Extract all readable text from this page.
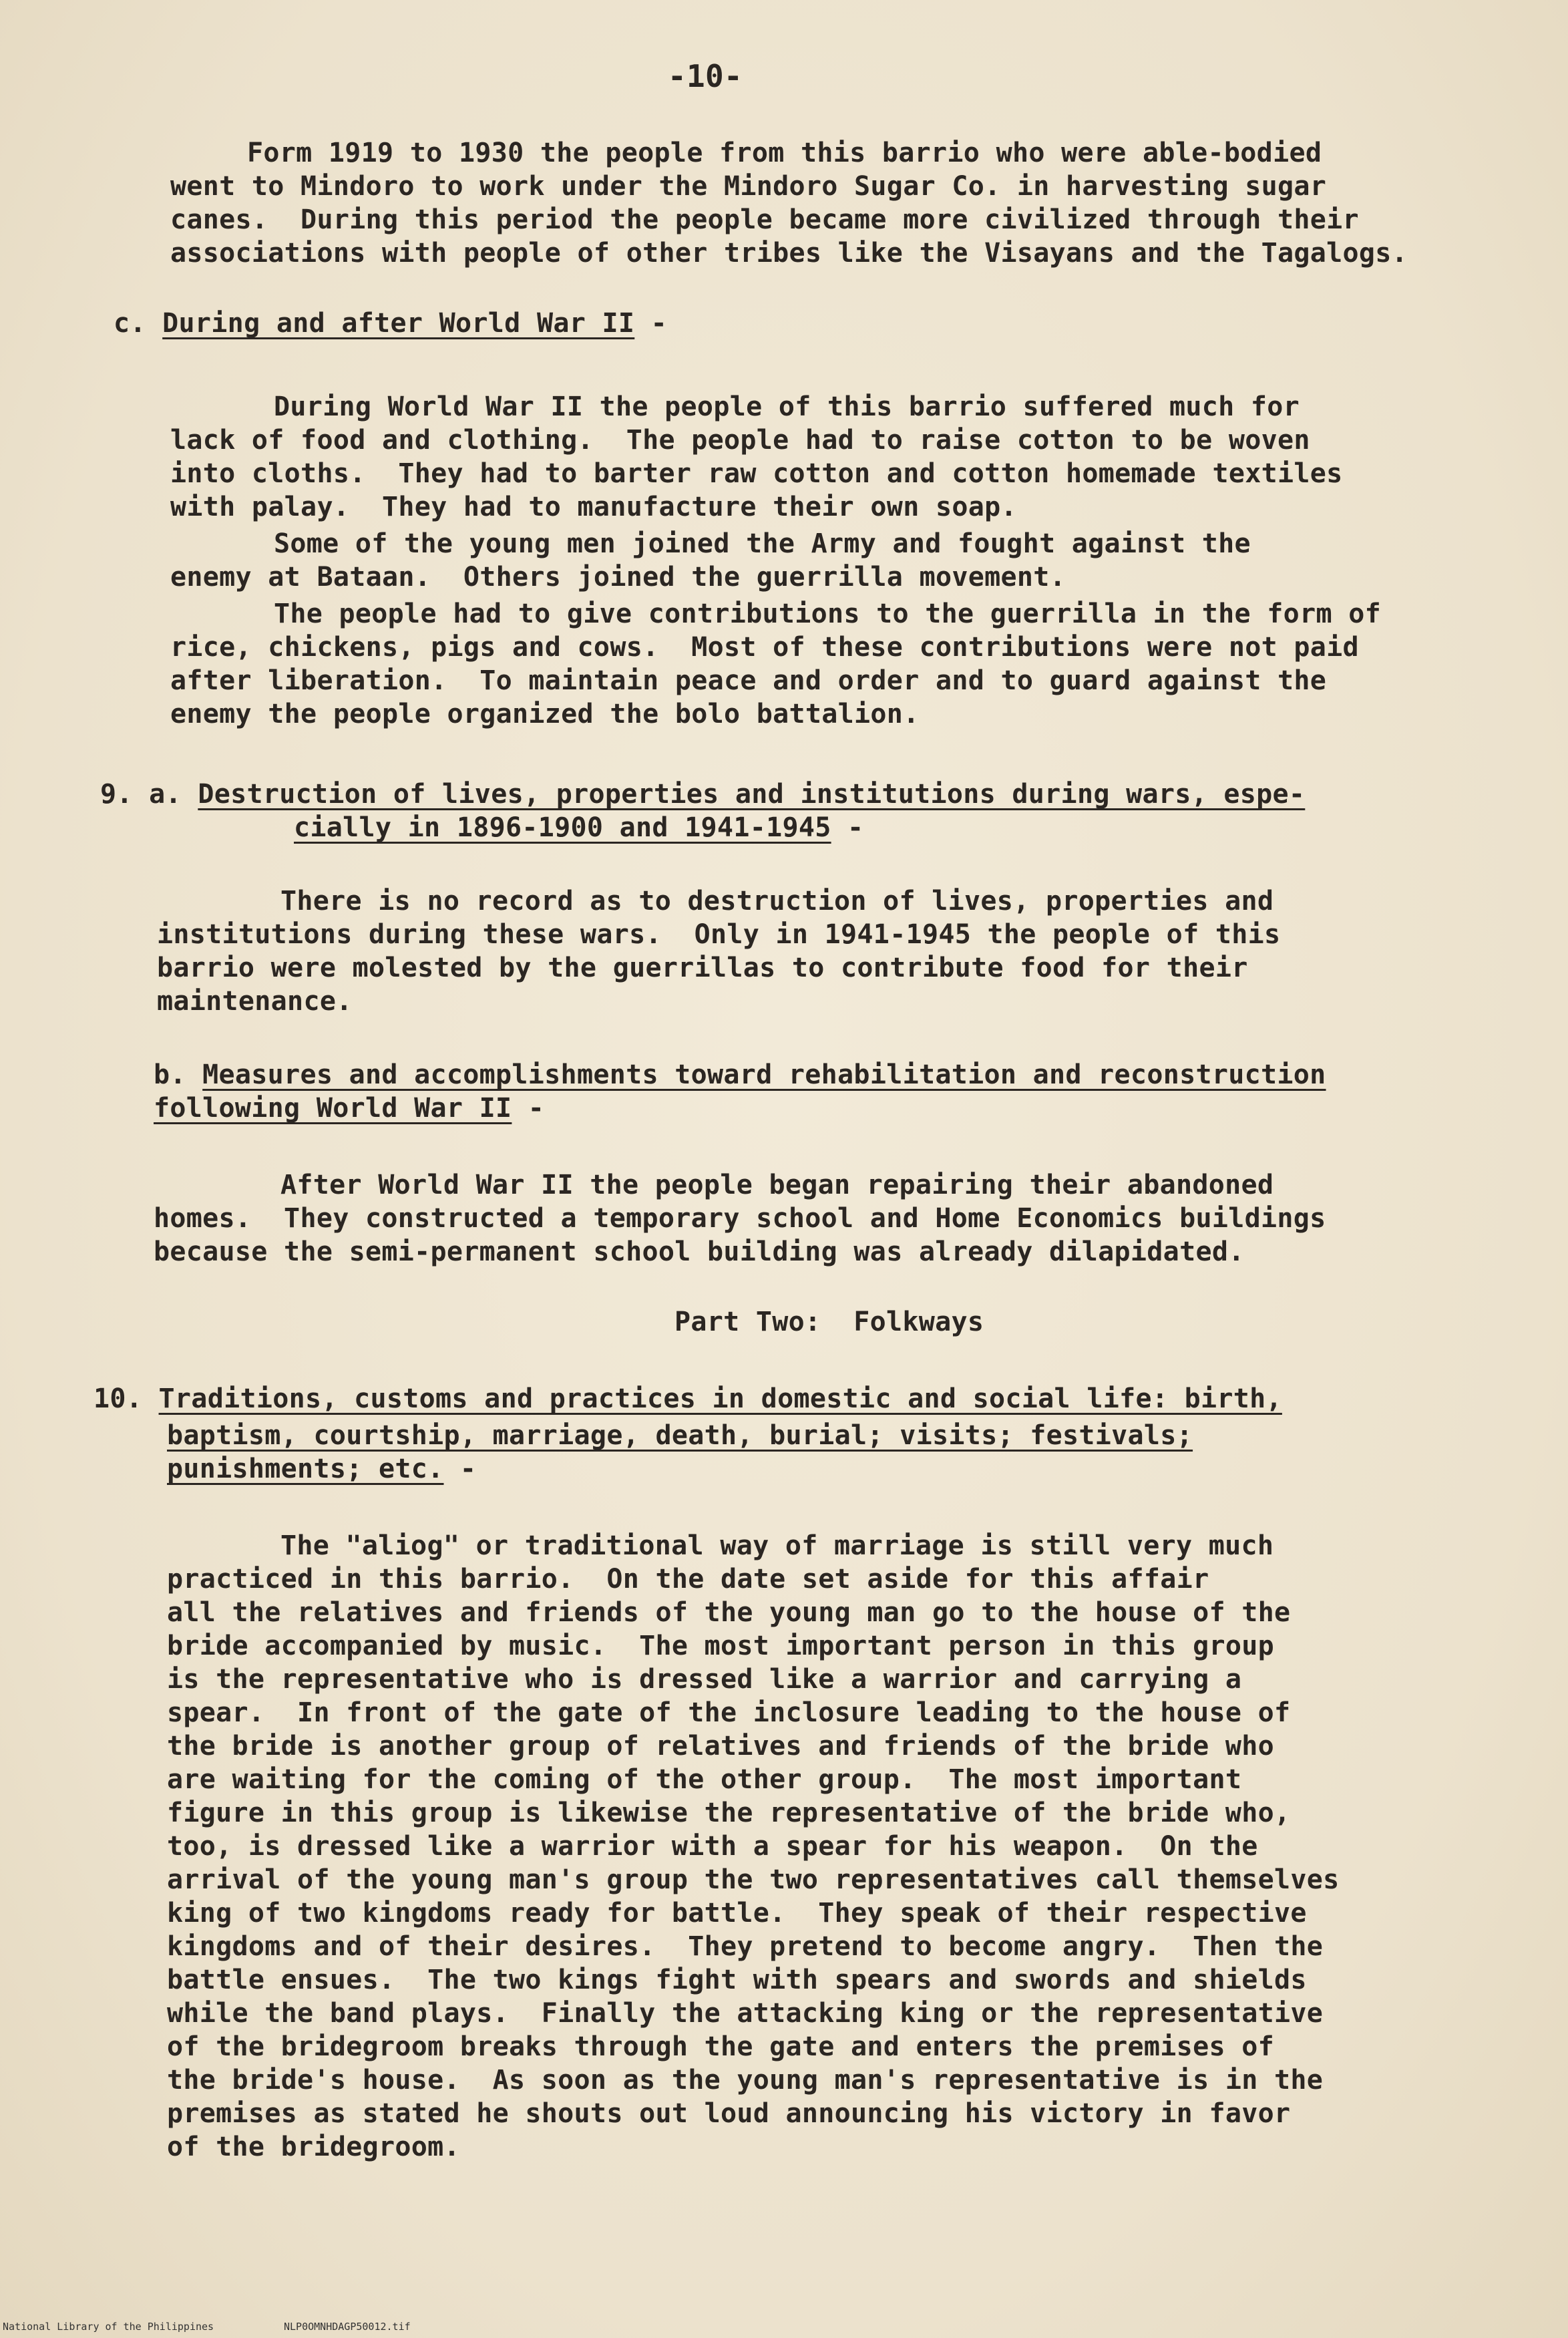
-10-
Form 1919 to 1930 the people from this barrio who were able-bodied
went to Mindoro to work under the Mindoro Sugar Co. in harvesting sugar
canes.  During this period the people became more civilized through their
associations with people of other tribes like the Visayans and the Tagalogs.
c. During and after World War II -
During World War II the people of this barrio suffered much for
lack of food and clothing.  The people had to raise cotton to be woven
into cloths.  They had to barter raw cotton and cotton homemade textiles
with palay.  They had to manufacture their own soap.
Some of the young men joined the Army and fought against the
enemy at Bataan.  Others joined the guerrilla movement.
The people had to give contributions to the guerrilla in the form of
rice, chickens, pigs and cows.  Most of these contributions were not paid
after liberation.  To maintain peace and order and to guard against the
enemy the people organized the bolo battalion.
9. a. Destruction of lives, properties and institutions during wars, espe-
cially in 1896-1900 and 1941-1945 -
There is no record as to destruction of lives, properties and
institutions during these wars.  Only in 1941-1945 the people of this
barrio were molested by the guerrillas to contribute food for their
maintenance.
b. Measures and accomplishments toward rehabilitation and reconstruction
following World War II -
After World War II the people began repairing their abandoned
homes.  They constructed a temporary school and Home Economics buildings
because the semi-permanent school building was already dilapidated.
Part Two:  Folkways
10. Traditions, customs and practices in domestic and social life: birth,
baptism, courtship, marriage, death, burial; visits; festivals;
punishments; etc. -
The "aliog" or traditional way of marriage is still very much
practiced in this barrio.  On the date set aside for this affair
all the relatives and friends of the young man go to the house of the
bride accompanied by music.  The most important person in this group
is the representative who is dressed like a warrior and carrying a
spear.  In front of the gate of the inclosure leading to the house of
the bride is another group of relatives and friends of the bride who
are waiting for the coming of the other group.  The most important
figure in this group is likewise the representative of the bride who,
too, is dressed like a warrior with a spear for his weapon.  On the
arrival of the young man's group the two representatives call themselves
king of two kingdoms ready for battle.  They speak of their respective
kingdoms and of their desires.  They pretend to become angry.  Then the
battle ensues.  The two kings fight with spears and swords and shields
while the band plays.  Finally the attacking king or the representative
of the bridegroom breaks through the gate and enters the premises of
the bride's house.  As soon as the young man's representative is in the
premises as stated he shouts out loud announcing his victory in favor
of the bridegroom.
National Library of the Philippines	NLP0OMNHDAGP50012.tif
